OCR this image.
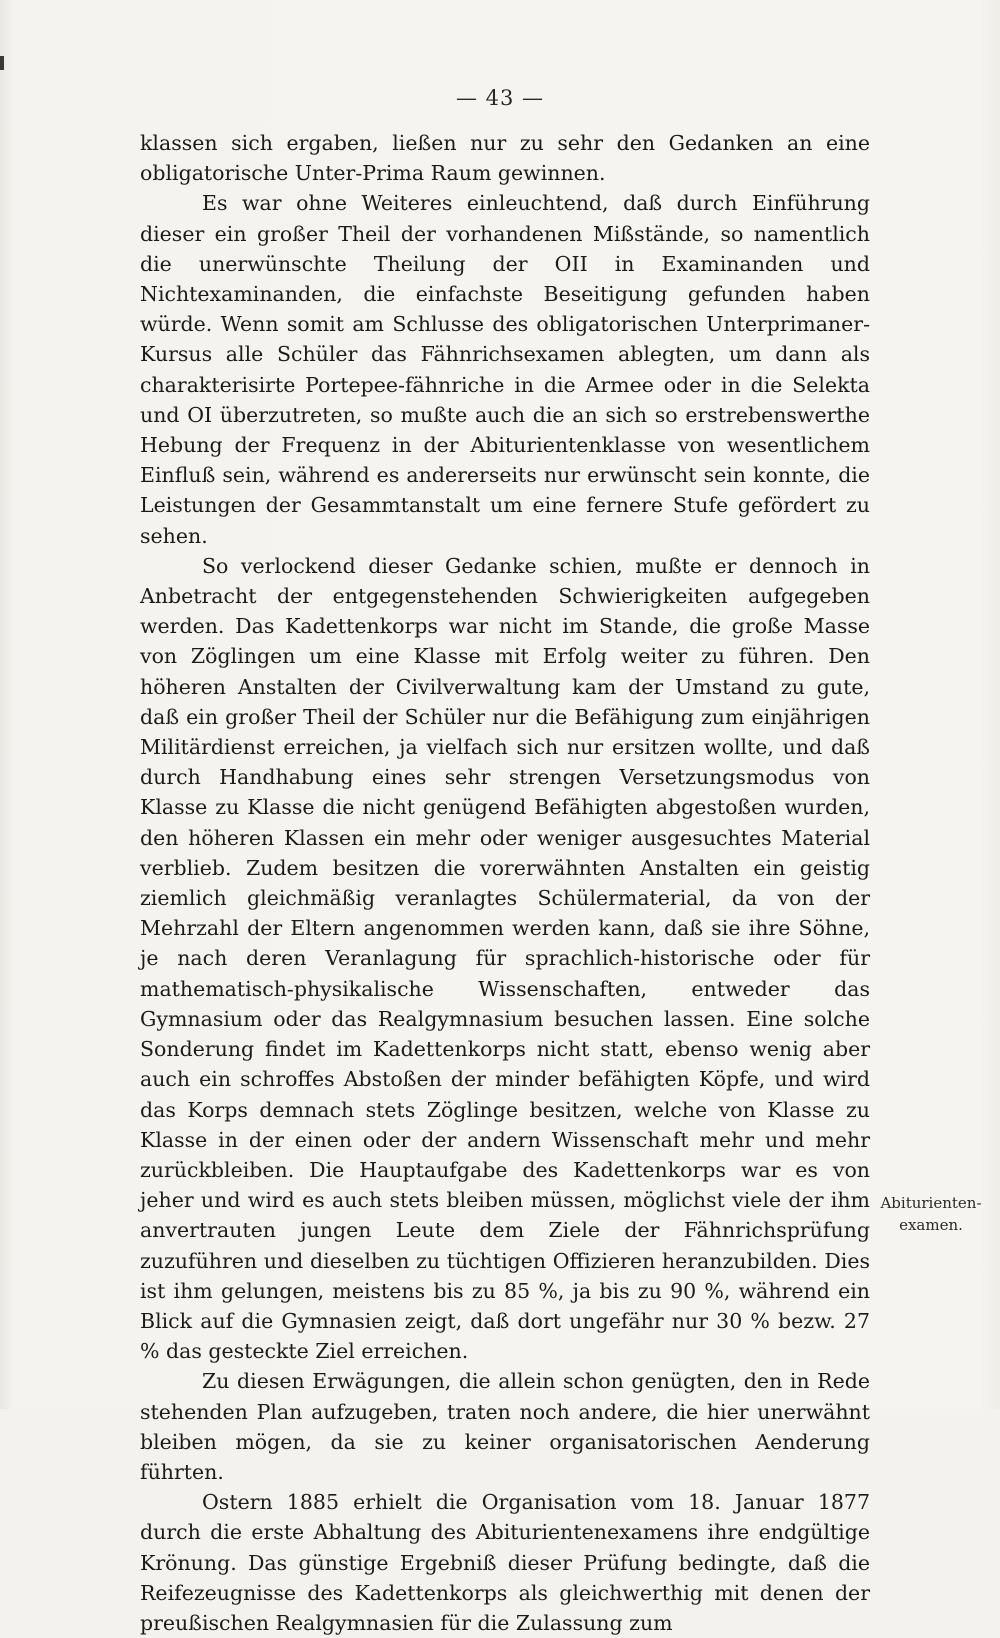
— 43 —

klassen sich ergaben, ließen nur zu sehr den Gedanken an eine obligatorische Unter-Prima Raum gewinnen.

Es war ohne Weiteres einleuchtend, daß durch Einführung dieser ein großer Theil der vorhandenen Mißstände, so namentlich die unerwünschte Theilung der OII in Examinanden und Nichtexaminanden, die einfachste Beseitigung gefunden haben würde. Wenn somit am Schlusse des obligatorischen Unterprimaner-Kursus alle Schüler das Fähnrichsexamen ablegten, um dann als charakterisirte Portepee-fähnriche in die Armee oder in die Selekta und OI überzutreten, so mußte auch die an sich so erstrebenswerthe Hebung der Frequenz in der Abiturientenklasse von wesentlichem Einfluß sein, während es andererseits nur erwünscht sein konnte, die Leistungen der Gesammtanstalt um eine fernere Stufe gefördert zu sehen.

So verlockend dieser Gedanke schien, mußte er dennoch in Anbetracht der entgegenstehenden Schwierigkeiten aufgegeben werden. Das Kadettenkorps war nicht im Stande, die große Masse von Zöglingen um eine Klasse mit Erfolg weiter zu führen. Den höheren Anstalten der Civilverwaltung kam der Umstand zu gute, daß ein großer Theil der Schüler nur die Befähigung zum einjährigen Militärdienst erreichen, ja vielfach sich nur ersitzen wollte, und daß durch Handhabung eines sehr strengen Versetzungsmodus von Klasse zu Klasse die nicht genügend Befähigten abgestoßen wurden, den höheren Klassen ein mehr oder weniger ausgesuchtes Material verblieb. Zudem besitzen die vorerwähnten Anstalten ein geistig ziemlich gleichmäßig veranlagtes Schülermaterial, da von der Mehrzahl der Eltern angenommen werden kann, daß sie ihre Söhne, je nach deren Veranlagung für sprachlich-historische oder für mathematisch-physikalische Wissenschaften, entweder das Gymnasium oder das Realgymnasium besuchen lassen. Eine solche Sonderung findet im Kadettenkorps nicht statt, ebenso wenig aber auch ein schroffes Abstoßen der minder befähigten Köpfe, und wird das Korps demnach stets Zöglinge besitzen, welche von Klasse zu Klasse in der einen oder der andern Wissenschaft mehr und mehr zurückbleiben. Die Hauptaufgabe des Kadettenkorps war es von jeher und wird es auch stets bleiben müssen, möglichst viele der ihm anvertrauten jungen Leute dem Ziele der Fähnrichsprüfung zuzuführen und dieselben zu tüchtigen Offizieren heranzubilden. Dies ist ihm gelungen, meistens bis zu 85 %, ja bis zu 90 %, während ein Blick auf die Gymnasien zeigt, daß dort ungefähr nur 30 % bezw. 27 % das gesteckte Ziel erreichen.

Zu diesen Erwägungen, die allein schon genügten, den in Rede stehenden Plan aufzugeben, traten noch andere, die hier unerwähnt bleiben mögen, da sie zu keiner organisatorischen Aenderung führten.

Ostern 1885 erhielt die Organisation vom 18. Januar 1877 durch die erste Abhaltung des Abiturientenexamens ihre endgültige Krönung. Das günstige Ergebniß dieser Prüfung bedingte, daß die Reifezeugnisse des Kadettenkorps als gleichwerthig mit denen der preußischen Realgymnasien für die Zulassung zum

Abiturienten-examen.
